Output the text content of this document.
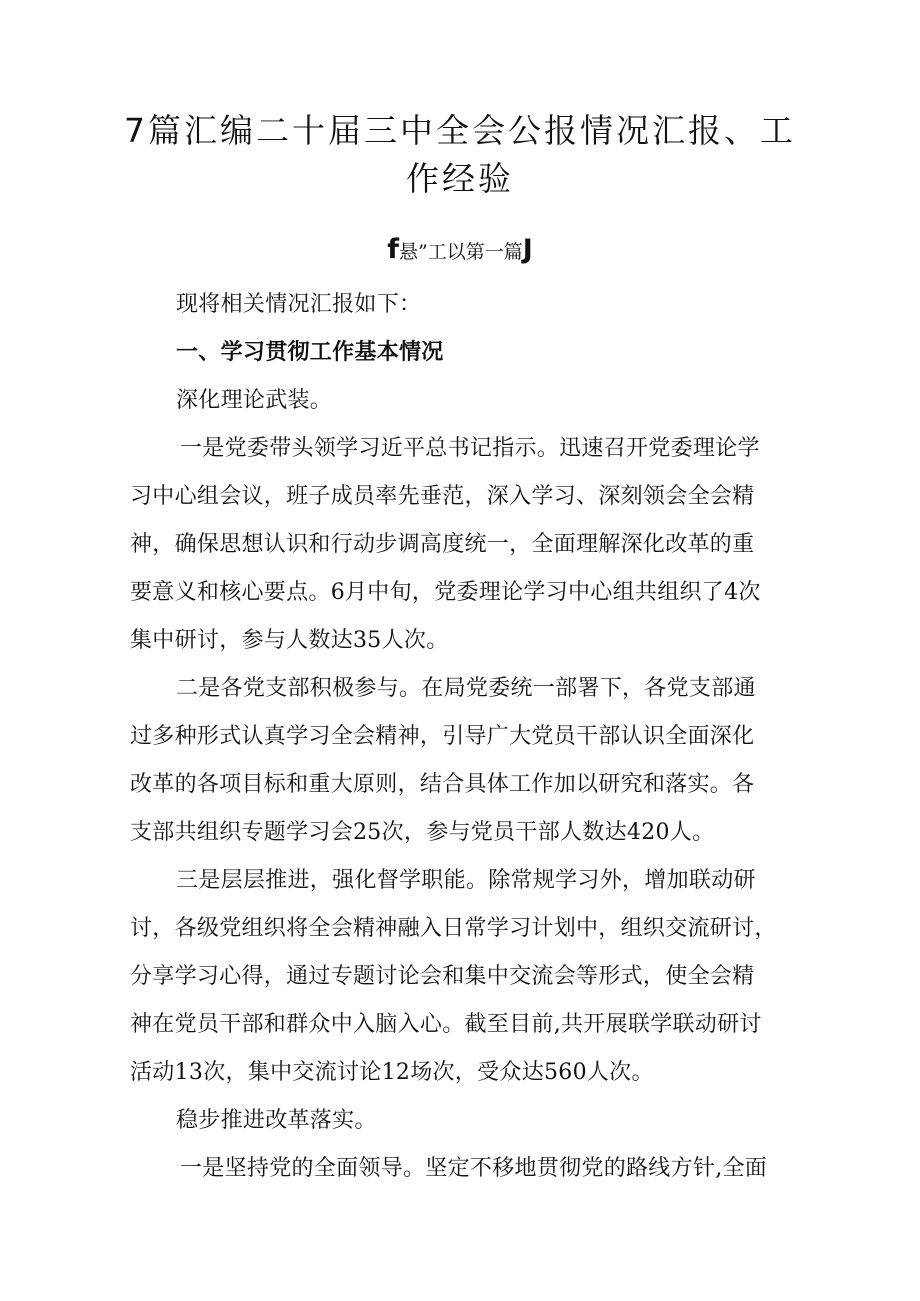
7篇汇编二十届三中全会公报情况汇报、工
作经验
f悬”工以第一篇J
现将相关情况汇报如下：
一、学习贯彻工作基本情况
深化理论武装。
一是党委带头领学习近平总书记指示。迅速召开党委理论学
习中心组会议，班子成员率先垂范，深入学习、深刻领会全会精
神，确保思想认识和行动步调高度统一，全面理解深化改革的重
要意义和核心要点。6月中旬，党委理论学习中心组共组织了4次
集中研讨，参与人数达35人次。
二是各党支部积极参与。在局党委统一部署下，各党支部通
过多种形式认真学习全会精神，引导广大党员干部认识全面深化
改革的各项目标和重大原则，结合具体工作加以研究和落实。各
支部共组织专题学习会25次，参与党员干部人数达420人。
三是层层推进，强化督学职能。除常规学习外，增加联动研
讨，各级党组织将全会精神融入日常学习计划中，组织交流研讨，
分享学习心得，通过专题讨论会和集中交流会等形式，使全会精
神在党员干部和群众中入脑入心。截至目前,共开展联学联动研讨
活动13次，集中交流讨论12场次，受众达560人次。
稳步推进改革落实。
一是坚持党的全面领导。坚定不移地贯彻党的路线方针,全面
